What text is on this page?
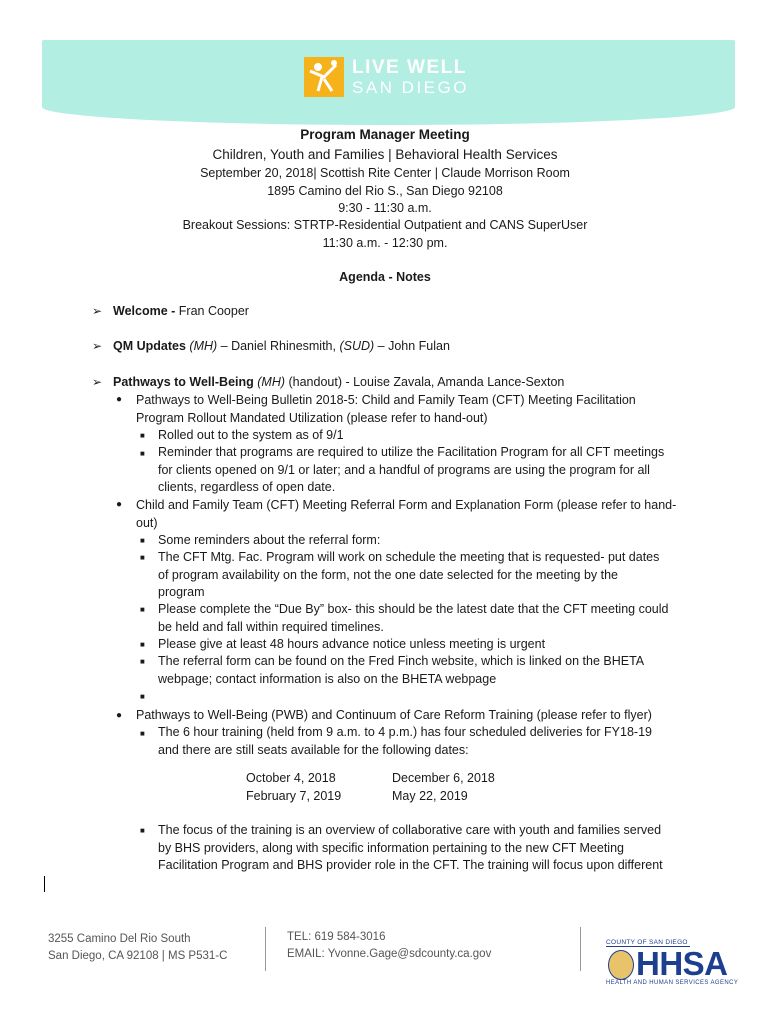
LIVE WELL
SAN DIEGO
Program Manager Meeting
Children, Youth and Families | Behavioral Health Services
September 20, 2018| Scottish Rite Center | Claude Morrison Room
1895 Camino del Rio S., San Diego 92108
9:30 - 11:30 a.m.
Breakout Sessions: STRTP-Residential Outpatient and CANS SuperUser
11:30 a.m. - 12:30 pm.
Agenda - Notes
➢ Welcome - Fran Cooper
➢ QM Updates (MH) – Daniel Rhinesmith, (SUD) – John Fulan
➢ Pathways to Well-Being (MH) (handout) - Louise Zavala, Amanda Lance-Sexton
● Pathways to Well-Being Bulletin 2018-5: Child and Family Team (CFT) Meeting Facilitation
Program Rollout Mandated Utilization (please refer to hand-out)
■ Rolled out to the system as of 9/1
■ Reminder that programs are required to utilize the Facilitation Program for all CFT meetings
for clients opened on 9/1 or later; and a handful of programs are using the program for all
clients, regardless of open date.
● Child and Family Team (CFT) Meeting Referral Form and Explanation Form (please refer to hand-
out)
■ Some reminders about the referral form:
■ The CFT Mtg. Fac. Program will work on schedule the meeting that is requested- put dates
of program availability on the form, not the one date selected for the meeting by the
program
■ Please complete the “Due By” box- this should be the latest date that the CFT meeting could
be held and fall within required timelines.
■ Please give at least 48 hours advance notice unless meeting is urgent
■ The referral form can be found on the Fred Finch website, which is linked on the BHETA
webpage; contact information is also on the BHETA webpage
■
● Pathways to Well-Being (PWB) and Continuum of Care Reform Training (please refer to flyer)
■ The 6 hour training (held from 9 a.m. to 4 p.m.) has four scheduled deliveries for FY18-19
and there are still seats available for the following dates:
October 4, 2018
February 7, 2019
December 6, 2018
May 22, 2019
■ The focus of the training is an overview of collaborative care with youth and families served
by BHS providers, along with specific information pertaining to the new CFT Meeting
Facilitation Program and BHS provider role in the CFT. The training will focus upon different
3255 Camino Del Rio South
San Diego, CA 92108 | MS P531-C
TEL: 619 584-3016
EMAIL: Yvonne.Gage@sdcounty.ca.gov
COUNTY OF SAN DIEGO
HHSA
HEALTH AND HUMAN SERVICES AGENCY
